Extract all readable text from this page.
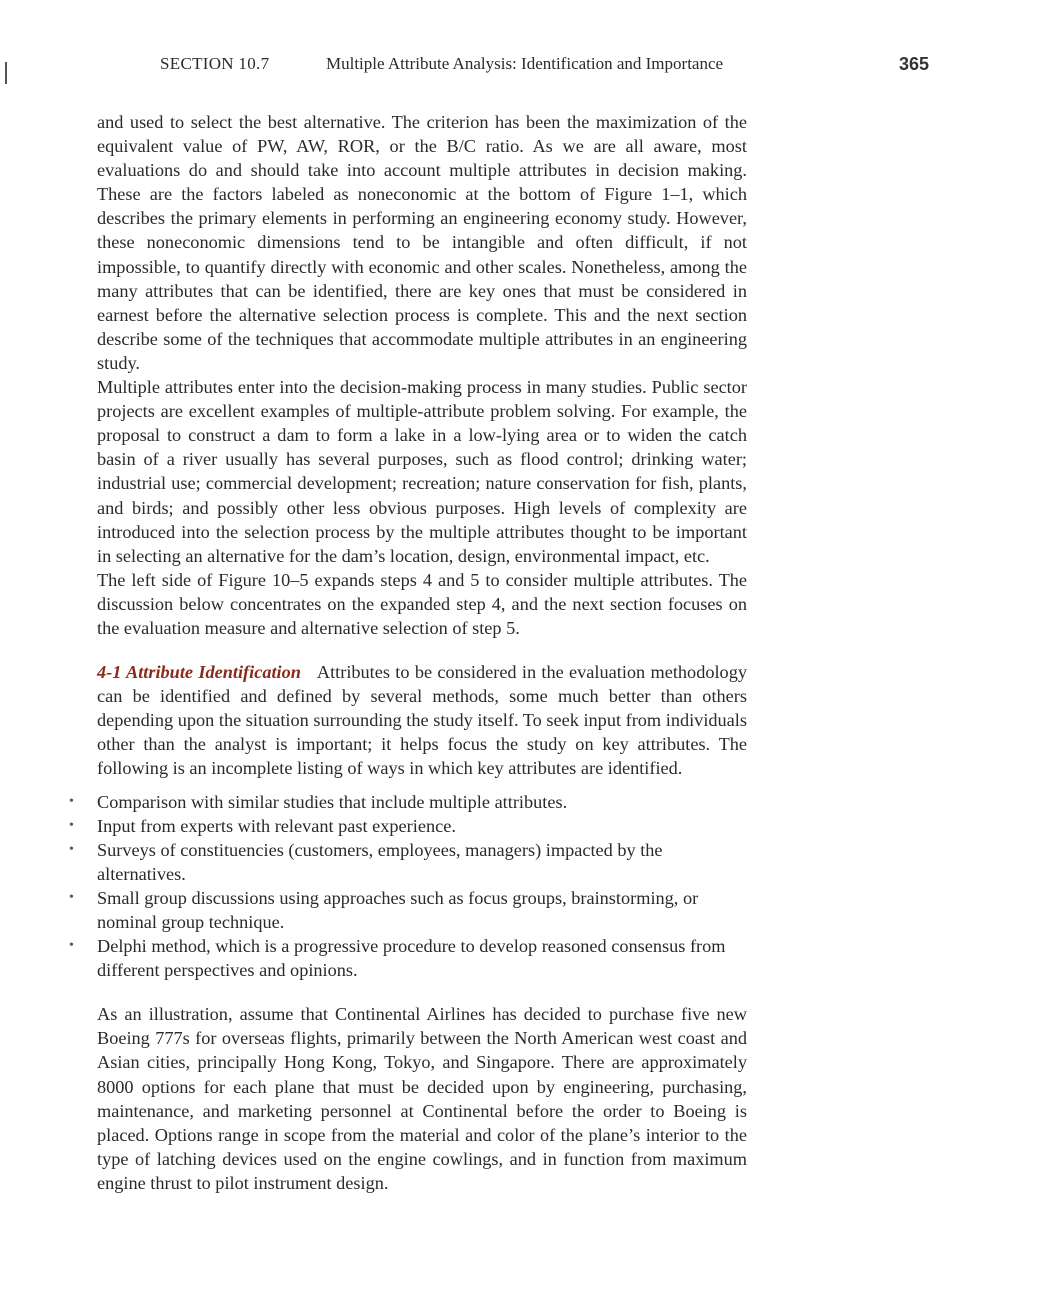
SECTION 10.7	Multiple Attribute Analysis: Identification and Importance	365

and used to select the best alternative. The criterion has been the maximization of the equivalent value of PW, AW, ROR, or the B/C ratio. As we are all aware, most evaluations do and should take into account multiple attributes in decision making. These are the factors labeled as noneconomic at the bottom of Figure 1–1, which describes the primary elements in performing an engineering economy study. However, these noneconomic dimensions tend to be intangible and often difficult, if not impossible, to quantify directly with economic and other scales. Nonetheless, among the many attributes that can be identified, there are key ones that must be considered in earnest before the alternative selection process is complete. This and the next section describe some of the techniques that accommodate multiple attributes in an engineering study.

Multiple attributes enter into the decision-making process in many studies. Public sector projects are excellent examples of multiple-attribute problem solving. For example, the proposal to construct a dam to form a lake in a low-lying area or to widen the catch basin of a river usually has several purposes, such as flood control; drinking water; industrial use; commercial development; recreation; nature conservation for fish, plants, and birds; and possibly other less obvious purposes. High levels of complexity are introduced into the selection process by the multiple attributes thought to be important in selecting an alternative for the dam’s location, design, environmental impact, etc.

The left side of Figure 10–5 expands steps 4 and 5 to consider multiple attributes. The discussion below concentrates on the expanded step 4, and the next section focuses on the evaluation measure and alternative selection of step 5.

4-1 Attribute Identification Attributes to be considered in the evaluation methodology can be identified and defined by several methods, some much better than others depending upon the situation surrounding the study itself. To seek input from individuals other than the analyst is important; it helps focus the study on key attributes. The following is an incomplete listing of ways in which key attributes are identified.

• Comparison with similar studies that include multiple attributes.
• Input from experts with relevant past experience.
• Surveys of constituencies (customers, employees, managers) impacted by the alternatives.
• Small group discussions using approaches such as focus groups, brainstorming, or nominal group technique.
• Delphi method, which is a progressive procedure to develop reasoned consensus from different perspectives and opinions.

As an illustration, assume that Continental Airlines has decided to purchase five new Boeing 777s for overseas flights, primarily between the North American west coast and Asian cities, principally Hong Kong, Tokyo, and Singapore. There are approximately 8000 options for each plane that must be decided upon by engineering, purchasing, maintenance, and marketing personnel at Continental before the order to Boeing is placed. Options range in scope from the material and color of the plane’s interior to the type of latching devices used on the engine cowlings, and in function from maximum engine thrust to pilot instrument design.
